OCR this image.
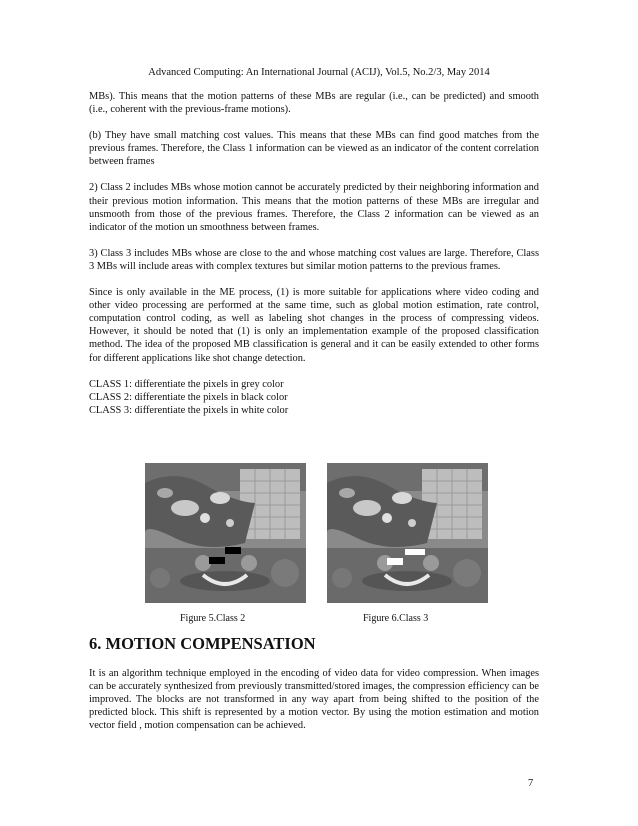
Advanced Computing: An International Journal (ACIJ), Vol.5, No.2/3, May 2014

MBs). This means that the motion patterns of these MBs are regular (i.e., can be predicted) and smooth (i.e., coherent with the previous-frame motions).

(b) They have small matching cost values. This means that these MBs can find good matches from the previous frames. Therefore, the Class 1 information can be viewed as an indicator of the content correlation between frames

2) Class 2 includes MBs whose motion cannot be accurately predicted by their neighboring information and their previous motion information. This means that the motion patterns of these MBs are irregular and unsmooth from those of the previous frames. Therefore, the Class 2 information can be viewed as an indicator of the motion un smoothness between frames.

3) Class 3 includes MBs whose are close to the and whose matching cost values are large. Therefore, Class 3 MBs will include areas with complex textures but similar motion patterns to the previous frames.

Since is only available in the ME process, (1) is more suitable for applications where video coding and other video processing are performed at the same time, such as global motion estimation, rate control, computation control coding, as well as labeling shot changes in the process of compressing videos. However, it should be noted that (1) is only an implementation example of the proposed classification method. The idea of the proposed MB classification is general and it can be easily extended to other forms for different applications like shot change detection.

CLASS 1: differentiate the pixels in grey color
CLASS 2: differentiate the pixels in black color
CLASS 3: differentiate the pixels in white color
Figure 5.Class 2	Figure 6.Class 3
6. MOTION COMPENSATION

It is an algorithm technique employed in the encoding of video data for video compression. When images can be accurately synthesized from previously transmitted/stored images, the compression efficiency can be improved. The blocks are not transformed in any way apart from being shifted to the position of the predicted block. This shift is represented by a motion vector. By using the motion estimation and motion vector field , motion compensation can be achieved.

7
